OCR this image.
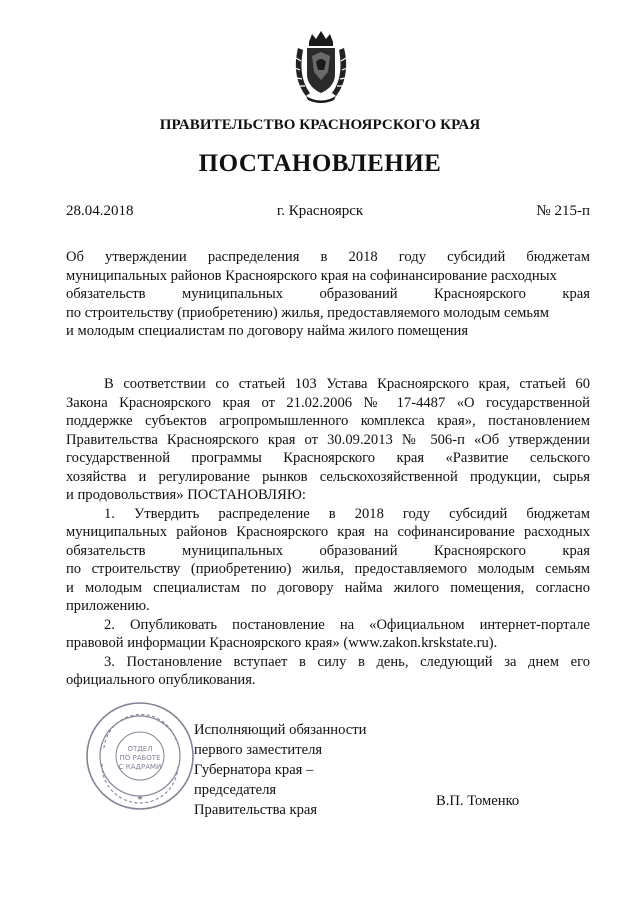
ПРАВИТЕЛЬСТВО КРАСНОЯРСКОГО КРАЯ
ПОСТАНОВЛЕНИЕ
28.04.2018	г. Красноярск	№ 215-п
Об утверждении распределения в 2018 году субсидий бюджетам
муниципальных районов Красноярского края на софинансирование расходных
обязательств муниципальных образований Красноярского края
по строительству (приобретению) жилья, предоставляемого молодым семьям
и молодым специалистам по договору найма жилого помещения
В соответствии со статьей 103 Устава Красноярского края, статьей 60
Закона Красноярского края от 21.02.2006 № 17-4487 «О государственной
поддержке субъектов агропромышленного комплекса края», постановлением
Правительства Красноярского края от 30.09.2013 № 506-п «Об утверждении
государственной программы Красноярского края «Развитие сельского
хозяйства и регулирование рынков сельскохозяйственной продукции, сырья
и продовольствия» ПОСТАНОВЛЯЮ:
1. Утвердить распределение в 2018 году субсидий бюджетам
муниципальных районов Красноярского края на софинансирование расходных
обязательств муниципальных образований Красноярского края
по строительству (приобретению) жилья, предоставляемого молодым семьям
и молодым специалистам по договору найма жилого помещения, согласно
приложению.
2. Опубликовать постановление на «Официальном интернет-портале
правовой информации Красноярского края» (www.zakon.krskstate.ru).
3. Постановление вступает в силу в день, следующий за днем его
официального опубликования.
ОТДЕЛ
ПО РАБОТЕ
С КАДРАМИ
Исполняющий обязанности
первого заместителя
Губернатора края –
председателя
Правительства края
В.П. Томенко
